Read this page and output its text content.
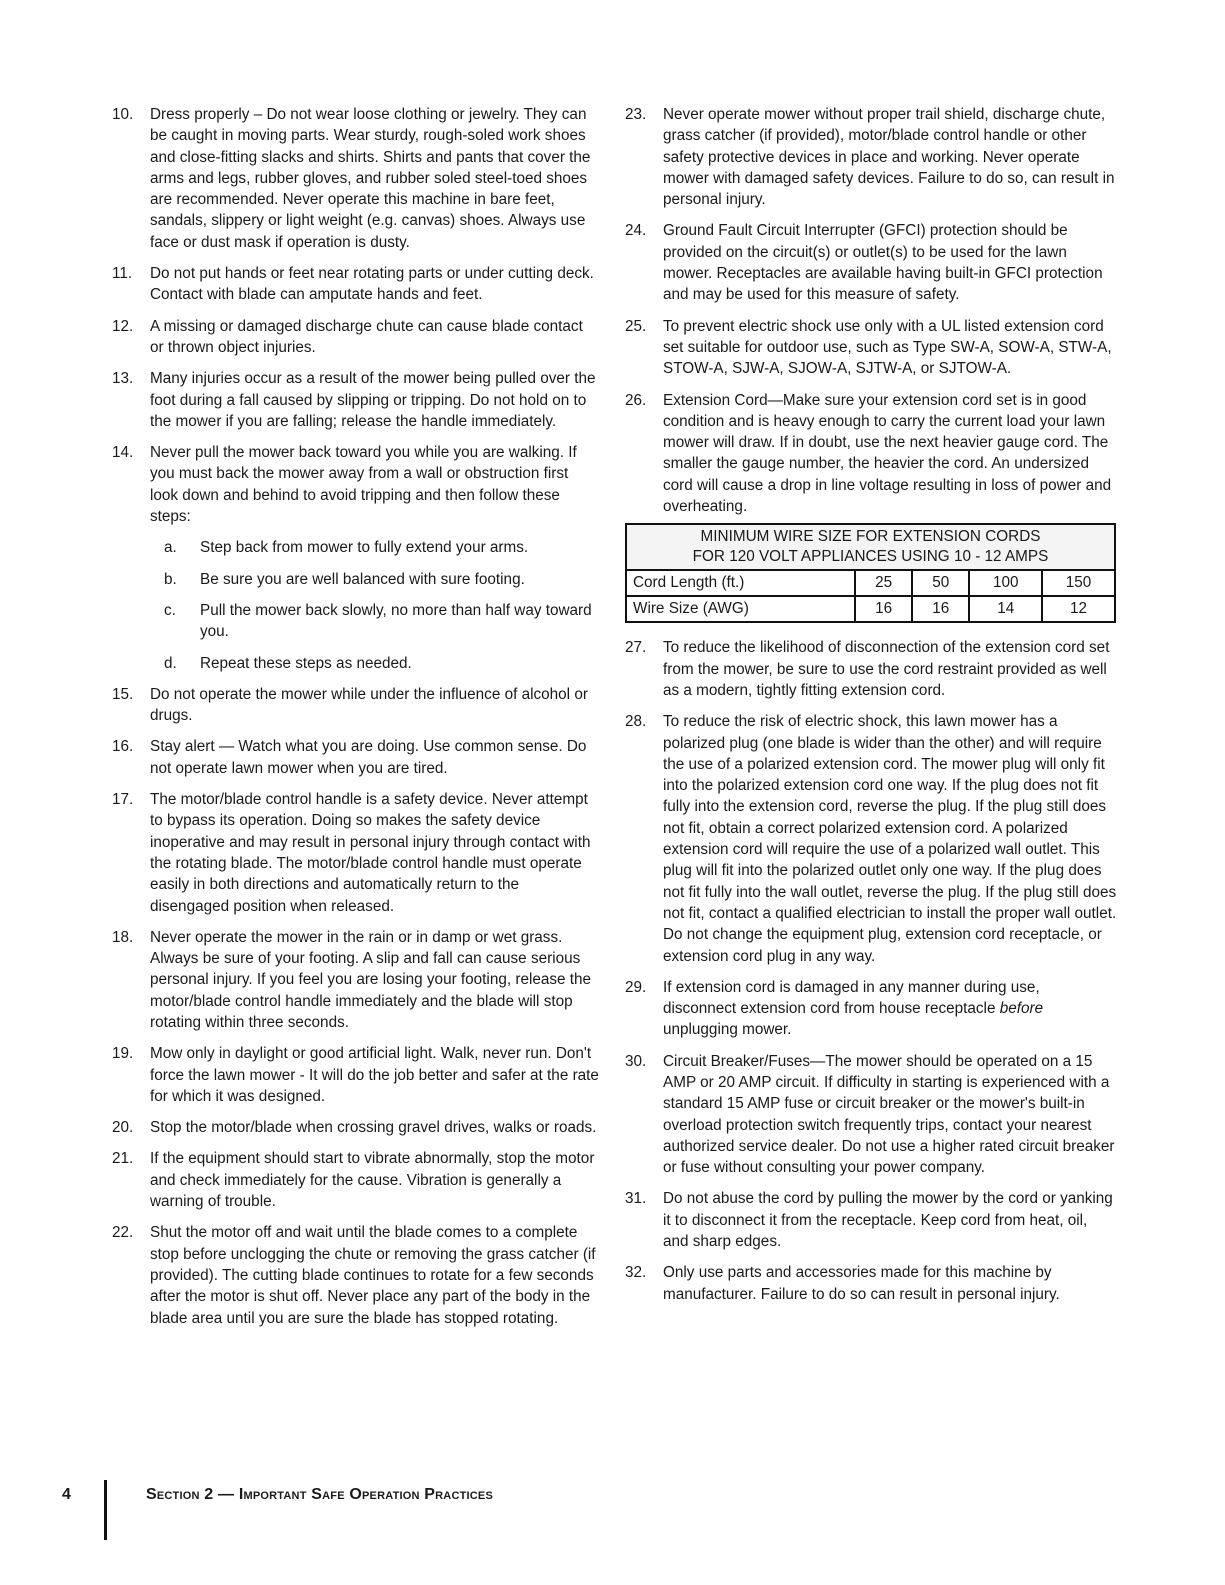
10. Dress properly – Do not wear loose clothing or jewelry. They can be caught in moving parts. Wear sturdy, rough-soled work shoes and close-fitting slacks and shirts. Shirts and pants that cover the arms and legs, rubber gloves, and rubber soled steel-toed shoes are recommended. Never operate this machine in bare feet, sandals, slippery or light weight (e.g. canvas) shoes. Always use face or dust mask if operation is dusty.
11. Do not put hands or feet near rotating parts or under cutting deck. Contact with blade can amputate hands and feet.
12. A missing or damaged discharge chute can cause blade contact or thrown object injuries.
13. Many injuries occur as a result of the mower being pulled over the foot during a fall caused by slipping or tripping. Do not hold on to the mower if you are falling; release the handle immediately.
14. Never pull the mower back toward you while you are walking. If you must back the mower away from a wall or obstruction first look down and behind to avoid tripping and then follow these steps:
a. Step back from mower to fully extend your arms.
b. Be sure you are well balanced with sure footing.
c. Pull the mower back slowly, no more than half way toward you.
d. Repeat these steps as needed.
15. Do not operate the mower while under the influence of alcohol or drugs.
16. Stay alert — Watch what you are doing. Use common sense. Do not operate lawn mower when you are tired.
17. The motor/blade control handle is a safety device. Never attempt to bypass its operation. Doing so makes the safety device inoperative and may result in personal injury through contact with the rotating blade. The motor/blade control handle must operate easily in both directions and automatically return to the disengaged position when released.
18. Never operate the mower in the rain or in damp or wet grass. Always be sure of your footing. A slip and fall can cause serious personal injury. If you feel you are losing your footing, release the motor/blade control handle immediately and the blade will stop rotating within three seconds.
19. Mow only in daylight or good artificial light. Walk, never run. Don't force the lawn mower - It will do the job better and safer at the rate for which it was designed.
20. Stop the motor/blade when crossing gravel drives, walks or roads.
21. If the equipment should start to vibrate abnormally, stop the motor and check immediately for the cause. Vibration is generally a warning of trouble.
22. Shut the motor off and wait until the blade comes to a complete stop before unclogging the chute or removing the grass catcher (if provided). The cutting blade continues to rotate for a few seconds after the motor is shut off. Never place any part of the body in the blade area until you are sure the blade has stopped rotating.
23. Never operate mower without proper trail shield, discharge chute, grass catcher (if provided), motor/blade control handle or other safety protective devices in place and working. Never operate mower with damaged safety devices. Failure to do so, can result in personal injury.
24. Ground Fault Circuit Interrupter (GFCI) protection should be provided on the circuit(s) or outlet(s) to be used for the lawn mower. Receptacles are available having built-in GFCI protection and may be used for this measure of safety.
25. To prevent electric shock use only with a UL listed extension cord set suitable for outdoor use, such as Type SW-A, SOW-A, STW-A, STOW-A, SJW-A, SJOW-A, SJTW-A, or SJTOW-A.
26. Extension Cord—Make sure your extension cord set is in good condition and is heavy enough to carry the current load your lawn mower will draw. If in doubt, use the next heavier gauge cord. The smaller the gauge number, the heavier the cord. An undersized cord will cause a drop in line voltage resulting in loss of power and overheating.
MINIMUM WIRE SIZE FOR EXTENSION CORDS
FOR 120 VOLT APPLIANCES USING 10 - 12 AMPS				
Cord Length (ft.)	25	50	100	150
Wire Size (AWG)	16	16	14	12
27. To reduce the likelihood of disconnection of the extension cord set from the mower, be sure to use the cord restraint provided as well as a modern, tightly fitting extension cord.
28. To reduce the risk of electric shock, this lawn mower has a polarized plug (one blade is wider than the other) and will require the use of a polarized extension cord. The mower plug will only fit into the polarized extension cord one way. If the plug does not fit fully into the extension cord, reverse the plug. If the plug still does not fit, obtain a correct polarized extension cord. A polarized extension cord will require the use of a polarized wall outlet. This plug will fit into the polarized outlet only one way. If the plug does not fit fully into the wall outlet, reverse the plug. If the plug still does not fit, contact a qualified electrician to install the proper wall outlet. Do not change the equipment plug, extension cord receptacle, or extension cord plug in any way.
29. If extension cord is damaged in any manner during use, disconnect extension cord from house receptacle before unplugging mower.
30. Circuit Breaker/Fuses—The mower should be operated on a 15 AMP or 20 AMP circuit. If difficulty in starting is experienced with a standard 15 AMP fuse or circuit breaker or the mower's built-in overload protection switch frequently trips, contact your nearest authorized service dealer. Do not use a higher rated circuit breaker or fuse without consulting your power company.
31. Do not abuse the cord by pulling the mower by the cord or yanking it to disconnect it from the receptacle. Keep cord from heat, oil, and sharp edges.
32. Only use parts and accessories made for this machine by manufacturer. Failure to do so can result in personal injury.
4	Section 2 — Important Safe Operation Practices
